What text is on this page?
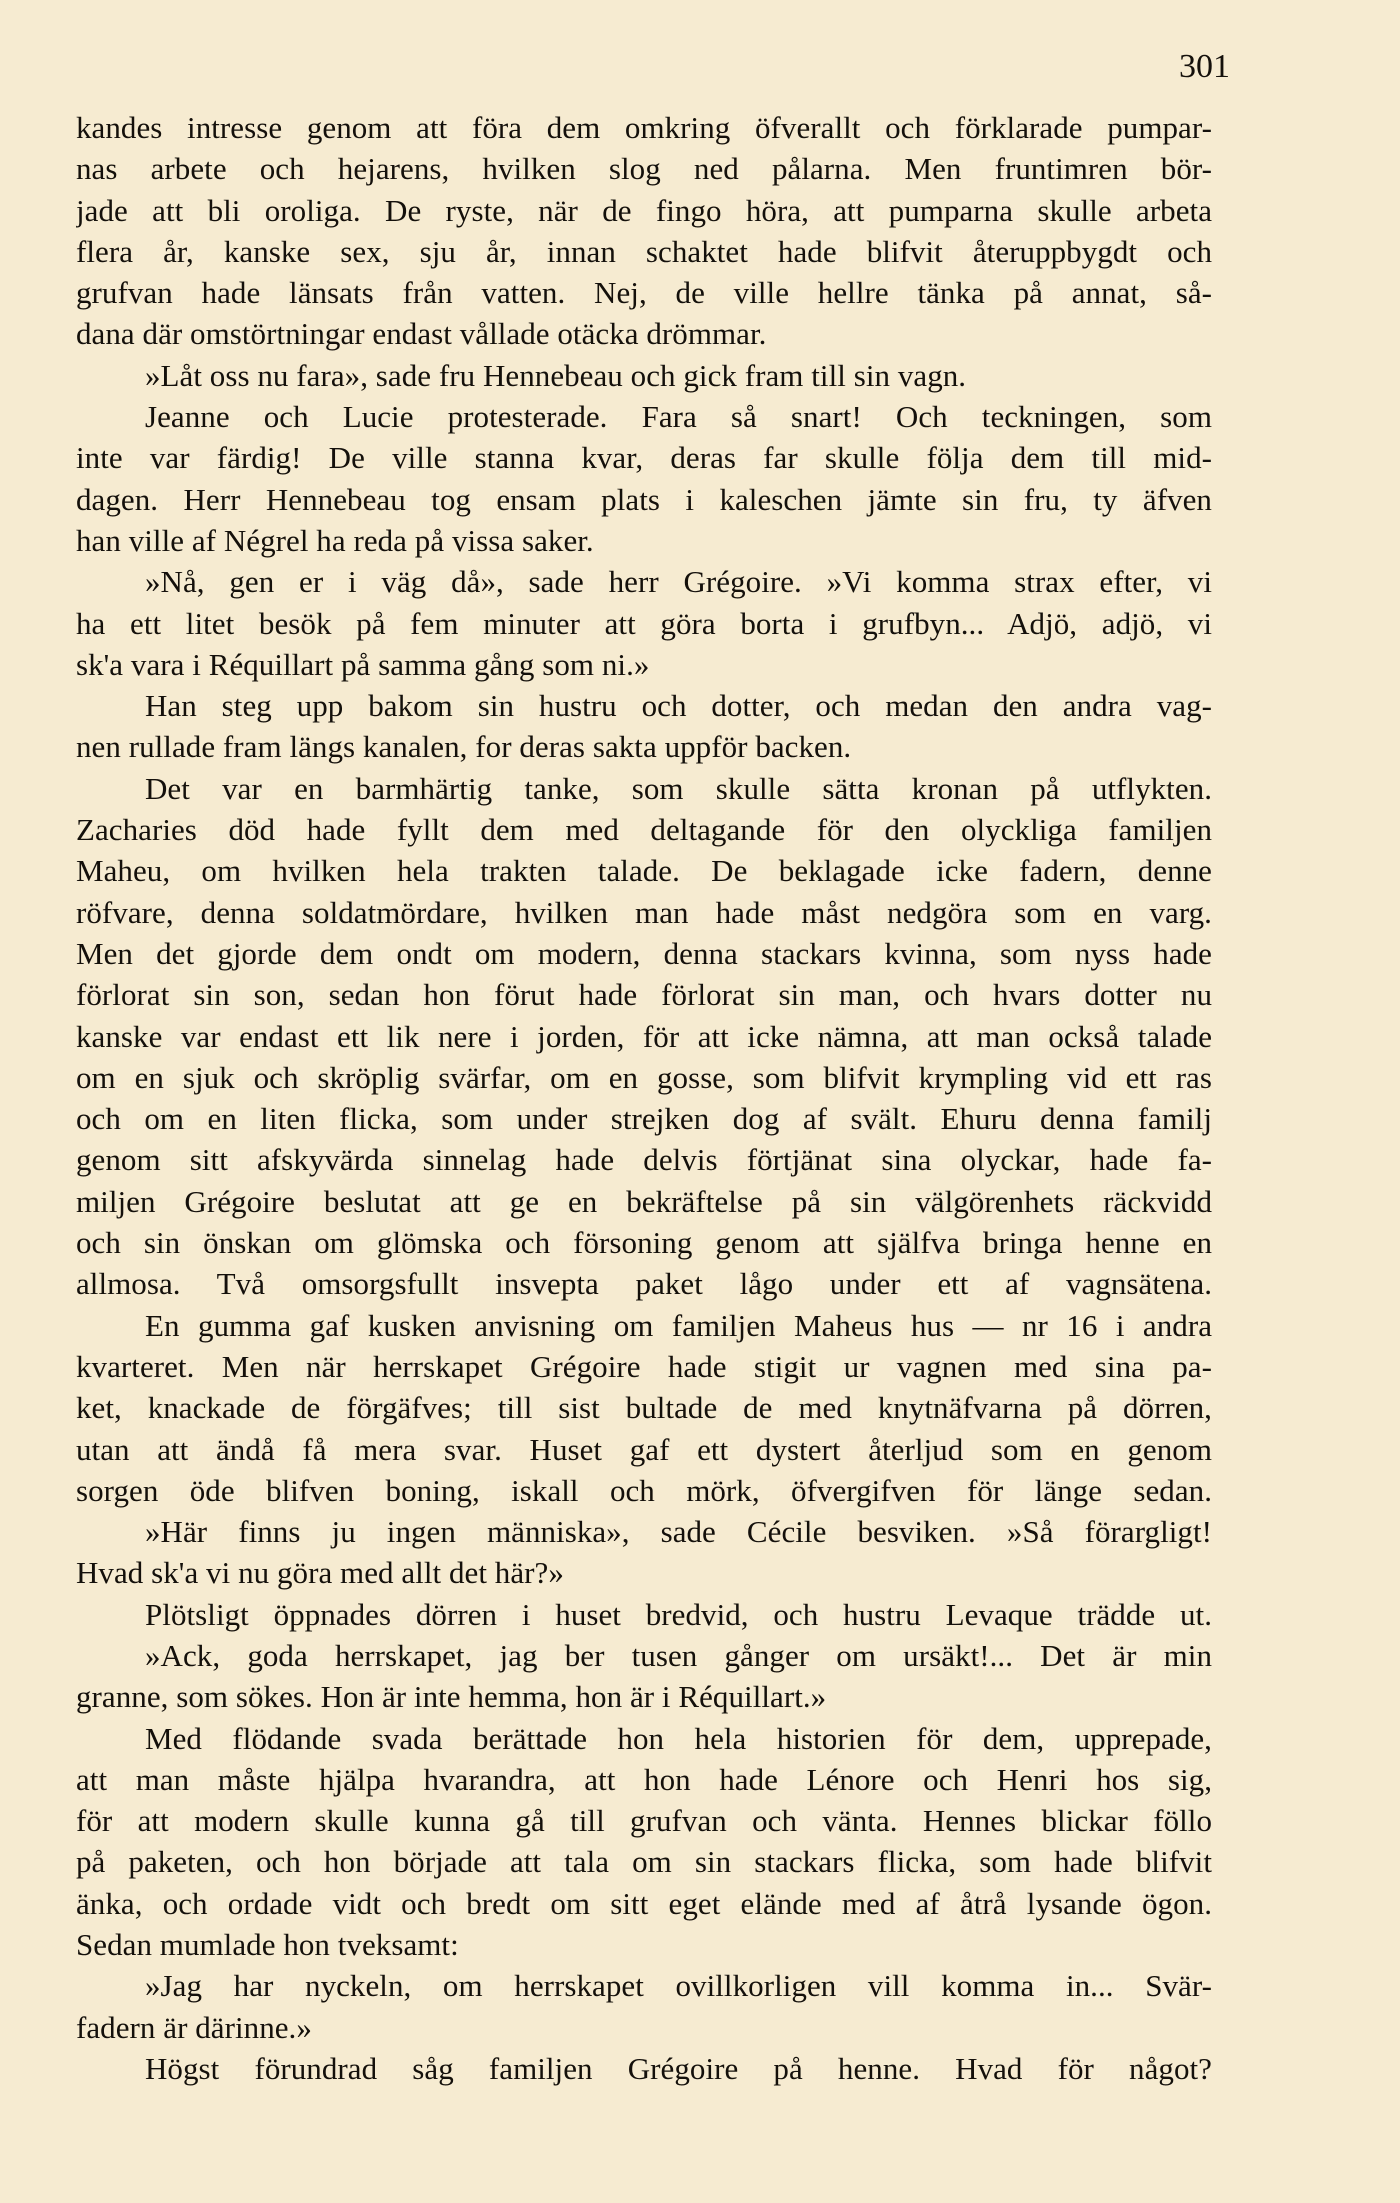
301
kandes intresse genom att föra dem omkring öfverallt och förklarade pumpar-
nas arbete och hejarens, hvilken slog ned pålarna. Men fruntimren bör-
jade att bli oroliga. De ryste, när de fingo höra, att pumparna skulle arbeta
flera år, kanske sex, sju år, innan schaktet hade blifvit återuppbygdt och
grufvan hade länsats från vatten. Nej, de ville hellre tänka på annat, så-
dana där omstörtningar endast vållade otäcka drömmar.
»Låt oss nu fara», sade fru Hennebeau och gick fram till sin vagn.
Jeanne och Lucie protesterade. Fara så snart! Och teckningen, som
inte var färdig! De ville stanna kvar, deras far skulle följa dem till mid-
dagen. Herr Hennebeau tog ensam plats i kaleschen jämte sin fru, ty äfven
han ville af Négrel ha reda på vissa saker.
»Nå, gen er i väg då», sade herr Grégoire. »Vi komma strax efter, vi
ha ett litet besök på fem minuter att göra borta i grufbyn... Adjö, adjö, vi
sk'a vara i Réquillart på samma gång som ni.»
Han steg upp bakom sin hustru och dotter, och medan den andra vag-
nen rullade fram längs kanalen, for deras sakta uppför backen.
Det var en barmhärtig tanke, som skulle sätta kronan på utflykten.
Zacharies död hade fyllt dem med deltagande för den olyckliga familjen
Maheu, om hvilken hela trakten talade. De beklagade icke fadern, denne
röfvare, denna soldatmördare, hvilken man hade måst nedgöra som en varg.
Men det gjorde dem ondt om modern, denna stackars kvinna, som nyss hade
förlorat sin son, sedan hon förut hade förlorat sin man, och hvars dotter nu
kanske var endast ett lik nere i jorden, för att icke nämna, att man också talade
om en sjuk och skröplig svärfar, om en gosse, som blifvit krympling vid ett ras
och om en liten flicka, som under strejken dog af svält. Ehuru denna familj
genom sitt afskyvärda sinnelag hade delvis förtjänat sina olyckar, hade fa-
miljen Grégoire beslutat att ge en bekräftelse på sin välgörenhets räckvidd
och sin önskan om glömska och försoning genom att själfva bringa henne en
allmosa. Två omsorgsfullt insvepta paket lågo under ett af vagnsätena.
En gumma gaf kusken anvisning om familjen Maheus hus — nr 16 i andra
kvarteret. Men när herrskapet Grégoire hade stigit ur vagnen med sina pa-
ket, knackade de förgäfves; till sist bultade de med knytnäfvarna på dörren,
utan att ändå få mera svar. Huset gaf ett dystert återljud som en genom
sorgen öde blifven boning, iskall och mörk, öfvergifven för länge sedan.
»Här finns ju ingen människa», sade Cécile besviken. »Så förargligt!
Hvad sk'a vi nu göra med allt det här?»
Plötsligt öppnades dörren i huset bredvid, och hustru Levaque trädde ut.
»Ack, goda herrskapet, jag ber tusen gånger om ursäkt!... Det är min
granne, som sökes. Hon är inte hemma, hon är i Réquillart.»
Med flödande svada berättade hon hela historien för dem, upprepade,
att man måste hjälpa hvarandra, att hon hade Lénore och Henri hos sig,
för att modern skulle kunna gå till grufvan och vänta. Hennes blickar föllo
på paketen, och hon började att tala om sin stackars flicka, som hade blifvit
änka, och ordade vidt och bredt om sitt eget elände med af åtrå lysande ögon.
Sedan mumlade hon tveksamt:
»Jag har nyckeln, om herrskapet ovillkorligen vill komma in... Svär-
fadern är därinne.»
Högst förundrad såg familjen Grégoire på henne. Hvad för något?
